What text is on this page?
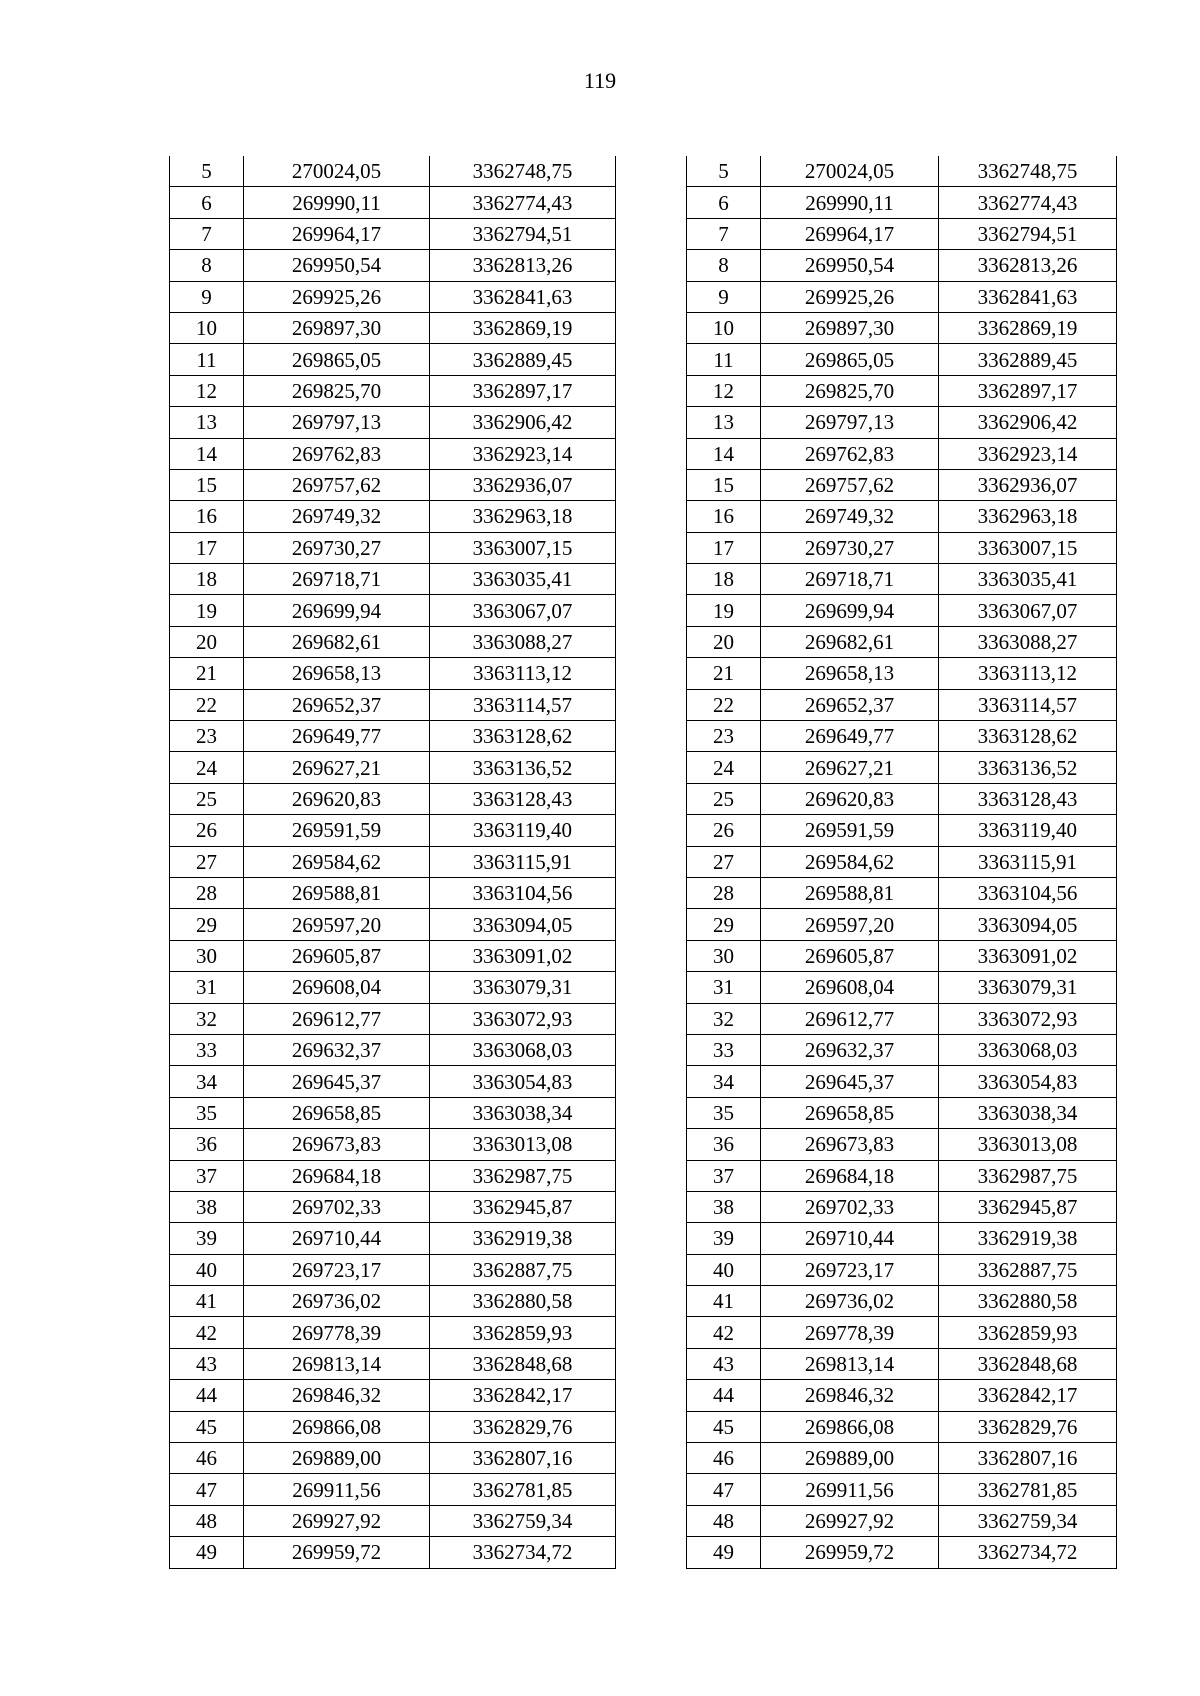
119
5	270024,05	3362748,75
6	269990,11	3362774,43
7	269964,17	3362794,51
8	269950,54	3362813,26
9	269925,26	3362841,63
10	269897,30	3362869,19
11	269865,05	3362889,45
12	269825,70	3362897,17
13	269797,13	3362906,42
14	269762,83	3362923,14
15	269757,62	3362936,07
16	269749,32	3362963,18
17	269730,27	3363007,15
18	269718,71	3363035,41
19	269699,94	3363067,07
20	269682,61	3363088,27
21	269658,13	3363113,12
22	269652,37	3363114,57
23	269649,77	3363128,62
24	269627,21	3363136,52
25	269620,83	3363128,43
26	269591,59	3363119,40
27	269584,62	3363115,91
28	269588,81	3363104,56
29	269597,20	3363094,05
30	269605,87	3363091,02
31	269608,04	3363079,31
32	269612,77	3363072,93
33	269632,37	3363068,03
34	269645,37	3363054,83
35	269658,85	3363038,34
36	269673,83	3363013,08
37	269684,18	3362987,75
38	269702,33	3362945,87
39	269710,44	3362919,38
40	269723,17	3362887,75
41	269736,02	3362880,58
42	269778,39	3362859,93
43	269813,14	3362848,68
44	269846,32	3362842,17
45	269866,08	3362829,76
46	269889,00	3362807,16
47	269911,56	3362781,85
48	269927,92	3362759,34
49	269959,72	3362734,72
5	270024,05	3362748,75
6	269990,11	3362774,43
7	269964,17	3362794,51
8	269950,54	3362813,26
9	269925,26	3362841,63
10	269897,30	3362869,19
11	269865,05	3362889,45
12	269825,70	3362897,17
13	269797,13	3362906,42
14	269762,83	3362923,14
15	269757,62	3362936,07
16	269749,32	3362963,18
17	269730,27	3363007,15
18	269718,71	3363035,41
19	269699,94	3363067,07
20	269682,61	3363088,27
21	269658,13	3363113,12
22	269652,37	3363114,57
23	269649,77	3363128,62
24	269627,21	3363136,52
25	269620,83	3363128,43
26	269591,59	3363119,40
27	269584,62	3363115,91
28	269588,81	3363104,56
29	269597,20	3363094,05
30	269605,87	3363091,02
31	269608,04	3363079,31
32	269612,77	3363072,93
33	269632,37	3363068,03
34	269645,37	3363054,83
35	269658,85	3363038,34
36	269673,83	3363013,08
37	269684,18	3362987,75
38	269702,33	3362945,87
39	269710,44	3362919,38
40	269723,17	3362887,75
41	269736,02	3362880,58
42	269778,39	3362859,93
43	269813,14	3362848,68
44	269846,32	3362842,17
45	269866,08	3362829,76
46	269889,00	3362807,16
47	269911,56	3362781,85
48	269927,92	3362759,34
49	269959,72	3362734,72
